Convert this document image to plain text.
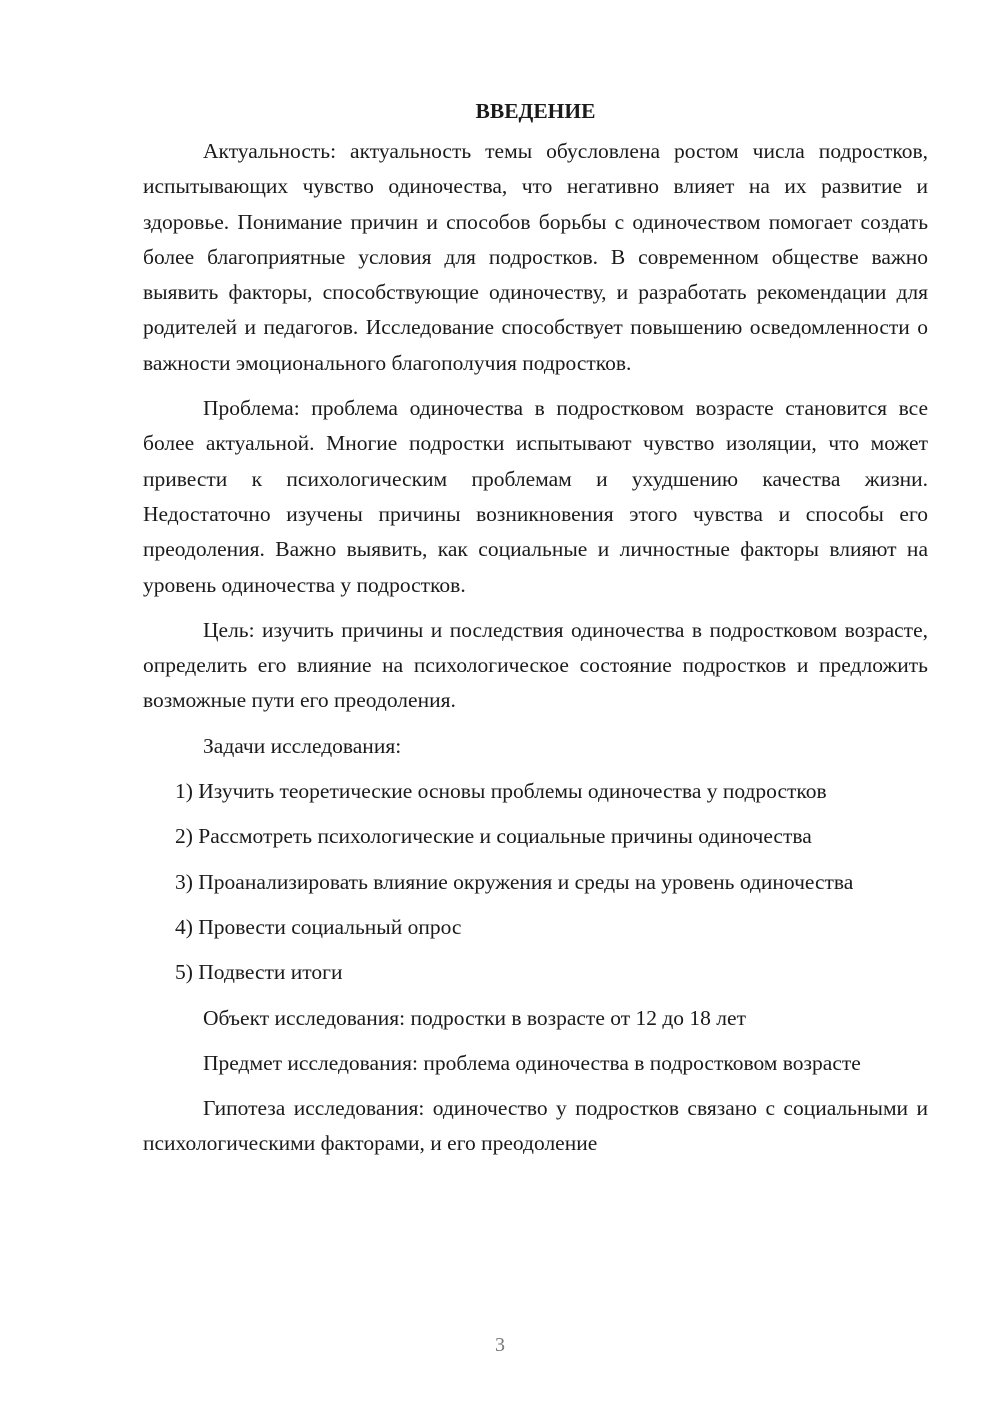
ВВЕДЕНИЕ

Актуальность: актуальность темы обусловлена ростом числа подростков, испытывающих чувство одиночества, что негативно влияет на их развитие и здоровье. Понимание причин и способов борьбы с одиночеством помогает создать более благоприятные условия для подростков. В современном обществе важно выявить факторы, способствующие одиночеству, и разработать рекомендации для родителей и педагогов. Исследование способствует повышению осведомленности о важности эмоционального благополучия подростков.

Проблема: проблема одиночества в подростковом возрасте становится все более актуальной. Многие подростки испытывают чувство изоляции, что может привести к психологическим проблемам и ухудшению качества жизни. Недостаточно изучены причины возникновения этого чувства и способы его преодоления. Важно выявить, как социальные и личностные факторы влияют на уровень одиночества у подростков.

Цель: изучить причины и последствия одиночества в подростковом возрасте, определить его влияние на психологическое состояние подростков и предложить возможные пути его преодоления.

Задачи исследования:

1) Изучить теоретические основы проблемы одиночества у подростков

2) Рассмотреть психологические и социальные причины одиночества

3) Проанализировать влияние окружения и среды на уровень одиночества

4) Провести социальный опрос

5) Подвести итоги

Объект исследования: подростки в возрасте от 12 до 18 лет

Предмет исследования: проблема одиночества в подростковом возрасте

Гипотеза исследования: одиночество у подростков связано с социальными и психологическими факторами, и его преодоление

3
